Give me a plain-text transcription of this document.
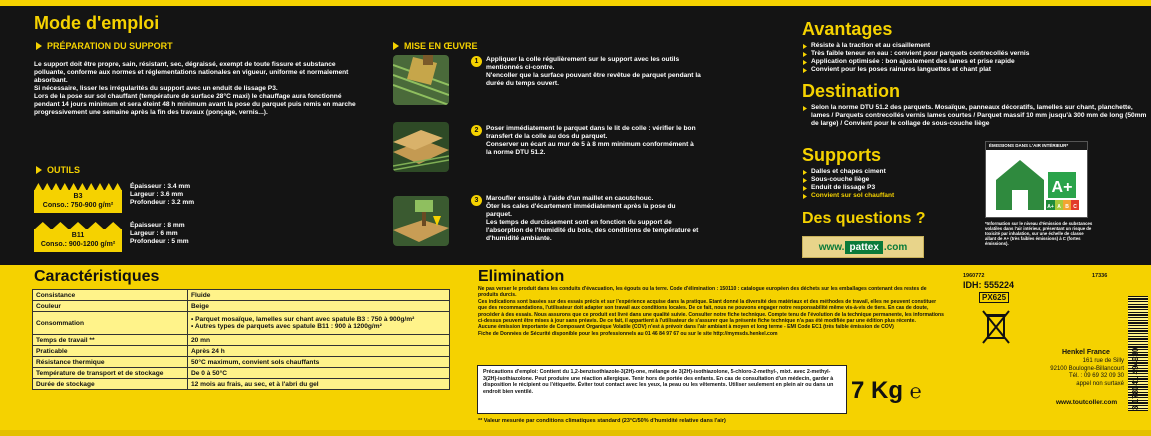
Mode d'emploi
PRÉPARATION DU SUPPORT
Le support doit être propre, sain, résistant, sec, dégraissé, exempt de toute fissure et substance polluante, conforme aux normes et réglementations nationales en vigueur, uniforme et normalement absorbant.
Si nécessaire, lisser les irrégularités du support avec un enduit de lissage P3.
Lors de la pose sur sol chauffant (température de surface 28°C maxi) le chauffage aura fonctionné pendant 14 jours minimum et sera éteint 48 h minimum avant la pose du parquet puis remis en marche progressivement une semaine après la fin des travaux (ponçage, vernis...).
OUTILS
B3
Conso.: 750-900 g/m²
Épaisseur : 3.4 mm
Largeur : 3.6 mm
Profondeur : 3.2 mm
B11
Conso.: 900-1200 g/m²
Épaisseur : 8 mm
Largeur : 6 mm
Profondeur : 5 mm
MISE EN ŒUVRE
1	Appliquer la colle régulièrement sur le support avec les outils mentionnés ci-contre.
N'encoller que la surface pouvant être revêtue de parquet pendant la durée du temps ouvert.
2	Poser immédiatement le parquet dans le lit de colle : vérifier le bon transfert de la colle au dos du parquet.
Conserver un écart au mur de 5 à 8 mm minimum conformément à la norme DTU 51.2.
3	Maroufler ensuite à l'aide d'un maillet en caoutchouc.
Ôter les cales d'écartement immédiatement après la pose du parquet.
Les temps de durcissement sont en fonction du support de l'absorption de l'humidité du bois, des conditions de température et d'humidité ambiante.
Avantages
Résiste à la traction et au cisaillement
Très faible teneur en eau : convient pour parquets contrecollés vernis
Application optimisée : bon ajustement des lames et prise rapide
Convient pour les poses rainures languettes et chant plat
Destination
Selon la norme DTU 51.2 des parquets. Mosaïque, panneaux décoratifs, lamelles sur chant, planchette, lames / Parquets contrecollés vernis lames courtes / Parquet massif 10 mm jusqu'à 300 mm de long (50mm de large) / Convient pour le collage de sous-couche liège
Supports
Dalles et chapes ciment
Sous-couche liège
Enduit de lissage P3
Convient sur sol chauffant
Des questions ?
www. pattex .com
ÉMISSIONS DANS L'AIR INTÉRIEUR*
A+
A+ A B C
*Information sur le niveau d'émission de substances volatiles dans l'air intérieur, présentant un risque de toxicité par inhalation, sur une échelle de classe allant de A+ (très faibles émissions) à C (fortes émissions).
Caractéristiques
Consistance	Fluide
Couleur	Beige
Consommation	• Parquet mosaïque, lamelles sur chant avec spatule B3 : 750 à 900g/m²
• Autres types de parquets avec spatule B11 : 900 à 1200g/m²

Temps de travail **	20 mn
Praticable	Après 24 h
Résistance thermique	50°C maximum, convient sols chauffants
Température de transport et de stockage	De 0 à 50°C
Durée de stockage	12 mois au frais, au sec, et à l'abri du gel
Elimination
Ne pas verser le produit dans les conduits d'évacuation, les égouts ou la terre. Code d'élimination : 150110 : catalogue européen des déchets sur les emballages contenant des restes de produits durcis.
Ces indications sont basées sur des essais précis et sur l'expérience acquise dans la pratique. Etant donné la diversité des matériaux et des méthodes de travail, elles ne peuvent constituer que des recommandations, l'utilisateur doit adapter son travail aux conditions locales. De ce fait, nous ne pouvons engager notre responsabilité même vis-à-vis de tiers. En cas de doute, procéder à des essais. Nous assurons que ce produit est livré dans une qualité suivie. Consulter notre fiche technique. Compte tenu de l'évolution de la technique permanente, les informations ci-dessus peuvent être mises à jour sans préavis. De ce fait, il appartient à l'utilisateur de s'assurer que la présente fiche technique n'a pas été modifiée par une édition plus récente.
Aucune émission importante de Composant Organique Volatile (COV) n'est à prévoir dans l'air ambiant à moyen et long terme - EMI Code EC1 (très faible émission de COV)
Fiche de Données de Sécurité disponible pour les professionnels au 01 46 84 97 67 ou sur le site http://mymsds.henkel.com
Précautions d'emploi: Contient du 1,2-benzisothiazole-3(2H)-one, mélange de 3(2H)-isothiazolone, 5-chloro-2-methyl-, mixt. avec 2-methyl-3(2H)-isothiazolone. Peut produire une réaction allergique. Tenir hors de portée des enfants. En cas de consultation d'un médecin, garder à disposition le récipient ou l'étiquette. Éviter tout contact avec les yeux, la peau ou les vêtements. Utiliser seulement en plein air ou dans un endroit bien ventilé.
** Valeur mesurée par conditions climatiques standard (23°C/50% d'humidité relative dans l'air)
7 Kg ℮
1960772	17336
IDH: 555224
PX625
Henkel France
161 rue de Silly
92100 Boulogne-Billancourt
Tél. : 09 69 32 09 30
appel non surtaxé
www.toutcoller.com 3 178041 494930
